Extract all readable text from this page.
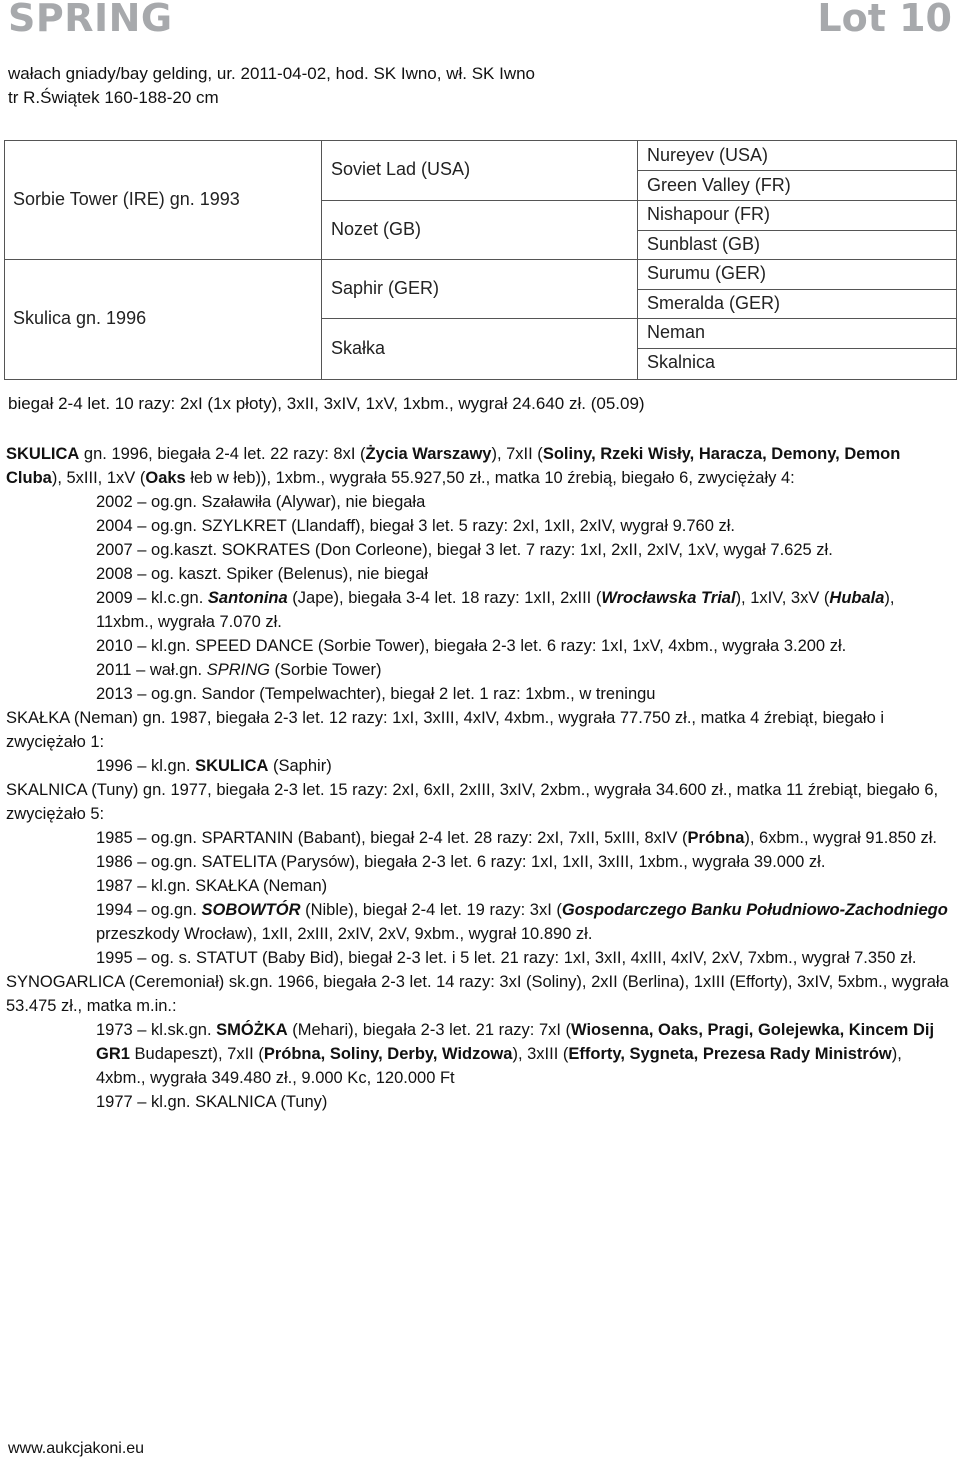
SPRING	Lot 10
wałach gniady/bay gelding, ur. 2011-04-02, hod. SK Iwno, wł. SK Iwno
tr R.Świątek 160-188-20 cm
Sorbie Tower (IRE) gn. 1993
Skulica gn. 1996
Soviet Lad (USA)
Nozet (GB)
Saphir (GER)
Skałka
Nureyev (USA)
Green Valley (FR)
Nishapour (FR)
Sunblast (GB)
Surumu (GER)
Smeralda (GER)
Neman
Skalnica
biegał 2-4 let. 10 razy: 2xI (1x płoty), 3xII, 3xIV, 1xV, 1xbm., wygrał 24.640 zł. (05.09)

SKULICA gn. 1996, biegała 2-4 let. 22 razy: 8xI (Życia Warszawy), 7xII (Soliny, Rzeki Wisły, Haracza, Demony, Demon Cluba), 5xIII, 1xV (Oaks łeb w łeb)), 1xbm., wygrała 55.927,50 zł., matka 10 źrebią, biegało 6, zwyciężały 4:

2002 – og.gn. Szaławiła (Alywar), nie biegała

2004 – og.gn. SZYLKRET (Llandaff), biegał 3 let. 5 razy: 2xI, 1xII, 2xIV, wygrał 9.760 zł.

2007 – og.kaszt. SOKRATES (Don Corleone), biegał 3 let. 7 razy: 1xI, 2xII, 2xIV, 1xV, wygał 7.625 zł.

2008 – og. kaszt. Spiker (Belenus), nie biegał

2009 – kl.c.gn. Santonina (Jape), biegała 3-4 let. 18 razy: 1xII, 2xIII (Wrocławska Trial), 1xIV, 3xV (Hubala), 11xbm., wygrała 7.070 zł.

2010 – kl.gn. SPEED DANCE (Sorbie Tower), biegała 2-3 let. 6 razy: 1xI, 1xV, 4xbm., wygrała 3.200 zł.

2011 – wał.gn. SPRING (Sorbie Tower)

2013 – og.gn. Sandor (Tempelwachter), biegał 2 let. 1 raz: 1xbm., w treningu

SKAŁKA (Neman) gn. 1987, biegała 2-3 let. 12 razy: 1xI, 3xIII, 4xIV, 4xbm., wygrała 77.750 zł., matka 4 źrebiąt, biegało i zwyciężało 1:

1996 – kl.gn. SKULICA (Saphir)

SKALNICA (Tuny) gn. 1977, biegała 2-3 let. 15 razy: 2xI, 6xII, 2xIII, 3xIV, 2xbm., wygrała 34.600 zł., matka 11 źrebiąt, biegało 6, zwyciężało 5:

1985 – og.gn. SPARTANIN (Babant), biegał 2-4 let. 28 razy: 2xI, 7xII, 5xIII, 8xIV (Próbna), 6xbm., wygrał 91.850 zł.

1986 – og.gn. SATELITA (Parysów), biegała 2-3 let. 6 razy: 1xI, 1xII, 3xIII, 1xbm., wygrała 39.000 zł.

1987 – kl.gn. SKAŁKA (Neman)

1994 – og.gn. SOBOWTÓR (Nible), biegał 2-4 let. 19 razy: 3xI (Gospodarczego Banku Południowo-Zachodniego przeszkody Wrocław), 1xII, 2xIII, 2xIV, 2xV, 9xbm., wygrał 10.890 zł.

1995 – og. s. STATUT (Baby Bid), biegał 2-3 let. i 5 let. 21 razy: 1xI, 3xII, 4xIII, 4xIV, 2xV, 7xbm., wygrał 7.350 zł.

SYNOGARLICA (Ceremoniał) sk.gn. 1966, biegała 2-3 let. 14 razy: 3xI (Soliny), 2xII (Berlina), 1xIII (Efforty), 3xIV, 5xbm., wygrała 53.475 zł., matka m.in.:

1973 – kl.sk.gn. SMÓŻKA (Mehari), biegała 2-3 let. 21 razy: 7xI (Wiosenna, Oaks, Pragi, Golejewka, Kincem Dij GR1 Budapeszt), 7xII (Próbna, Soliny, Derby, Widzowa), 3xIII (Efforty, Sygneta, Prezesa Rady Ministrów), 4xbm., wygrała 349.480 zł., 9.000 Kc, 120.000 Ft

1977 – kl.gn. SKALNICA (Tuny)

www.aukcjakoni.eu
